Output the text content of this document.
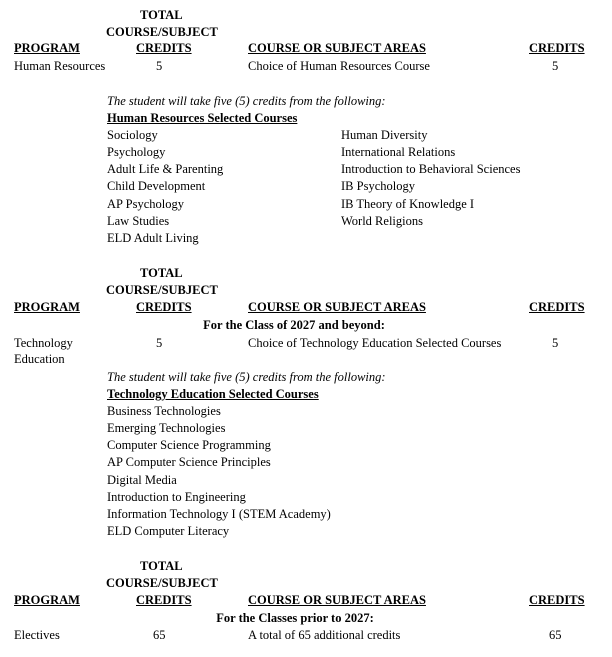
TOTAL
COURSE/SUBJECT
PROGRAM	CREDITS	COURSE OR SUBJECT AREAS	CREDITS
Human Resources	5	Choice of Human Resources Course	5
The student will take five (5) credits from the following:
Human Resources Selected Courses
Sociology
Psychology
Adult Life & Parenting
Child Development
AP Psychology
Law Studies
ELD Adult Living
Human Diversity
International Relations
Introduction to Behavioral Sciences
IB Psychology
IB Theory of Knowledge I
World Religions
TOTAL
COURSE/SUBJECT
PROGRAM	CREDITS	COURSE OR SUBJECT AREAS	CREDITS
For the Class of 2027 and beyond:
Technology
Education
5	Choice of Technology Education Selected Courses	5
The student will take five (5) credits from the following:
Technology Education Selected Courses
Business Technologies
Emerging Technologies
Computer Science Programming
AP Computer Science Principles
Digital Media
Introduction to Engineering
Information Technology I (STEM Academy)
ELD Computer Literacy
TOTAL
COURSE/SUBJECT
PROGRAM	CREDITS	COURSE OR SUBJECT AREAS	CREDITS
For the Classes prior to 2027:
Electives	65	A total of 65 additional credits	65
